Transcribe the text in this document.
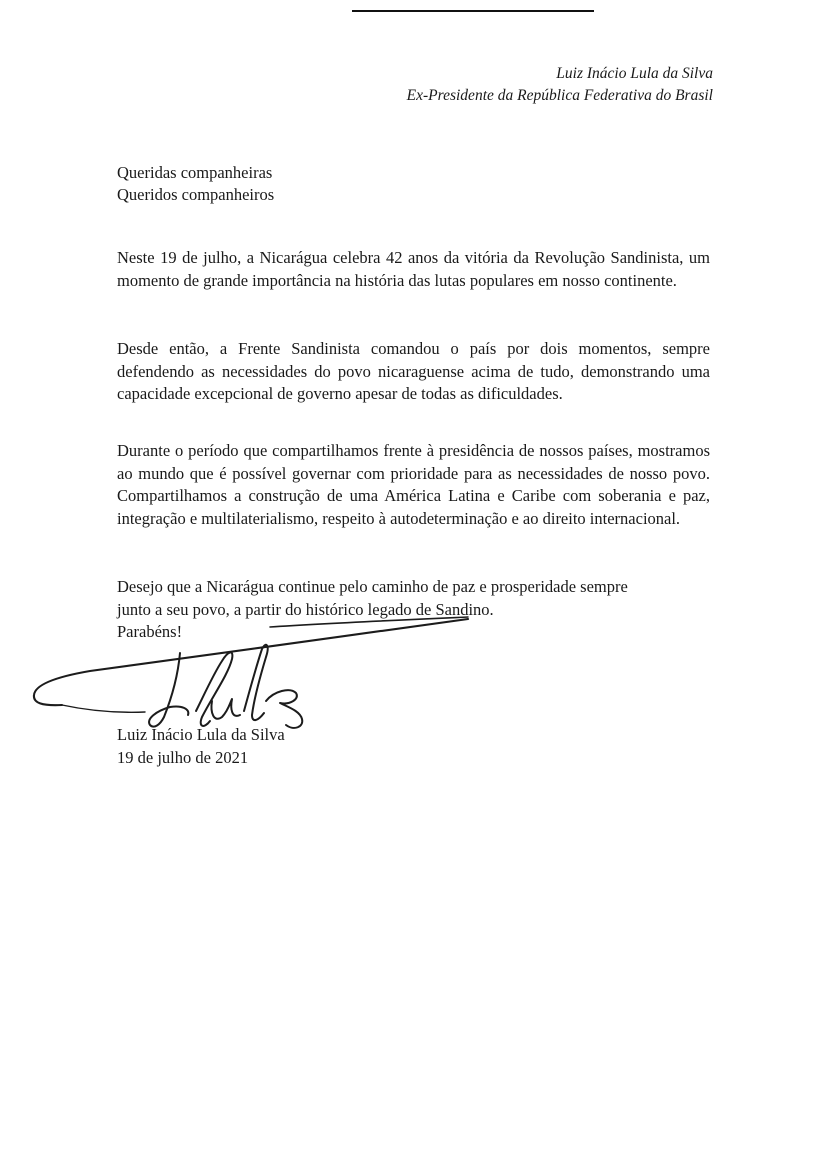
Luiz Inácio Lula da Silva
Ex-Presidente da República Federativa do Brasil
Queridas companheiras
Queridos companheiros

Neste 19 de julho, a Nicarágua celebra 42 anos da vitória da Revolução Sandinista, um momento de grande importância na história das lutas populares em nosso continente.

Desde então, a Frente Sandinista comandou o país por dois momentos, sempre defendendo as necessidades do povo nicaraguense acima de tudo, demonstrando uma capacidade excepcional de governo apesar de todas as dificuldades.

Durante o período que compartilhamos frente à presidência de nossos países, mostramos ao mundo que é possível governar com prioridade para as necessidades de nosso povo. Compartilhamos a construção de uma América Latina e Caribe com soberania e paz, integração e multilaterialismo, respeito à autodeterminação e ao direito internacional.

Desejo que a Nicarágua continue pelo caminho de paz e prosperidade sempre
junto a seu povo, a partir do histórico legado de Sandino.
Parabéns!
Luiz Inácio Lula da Silva
19 de julho de 2021
